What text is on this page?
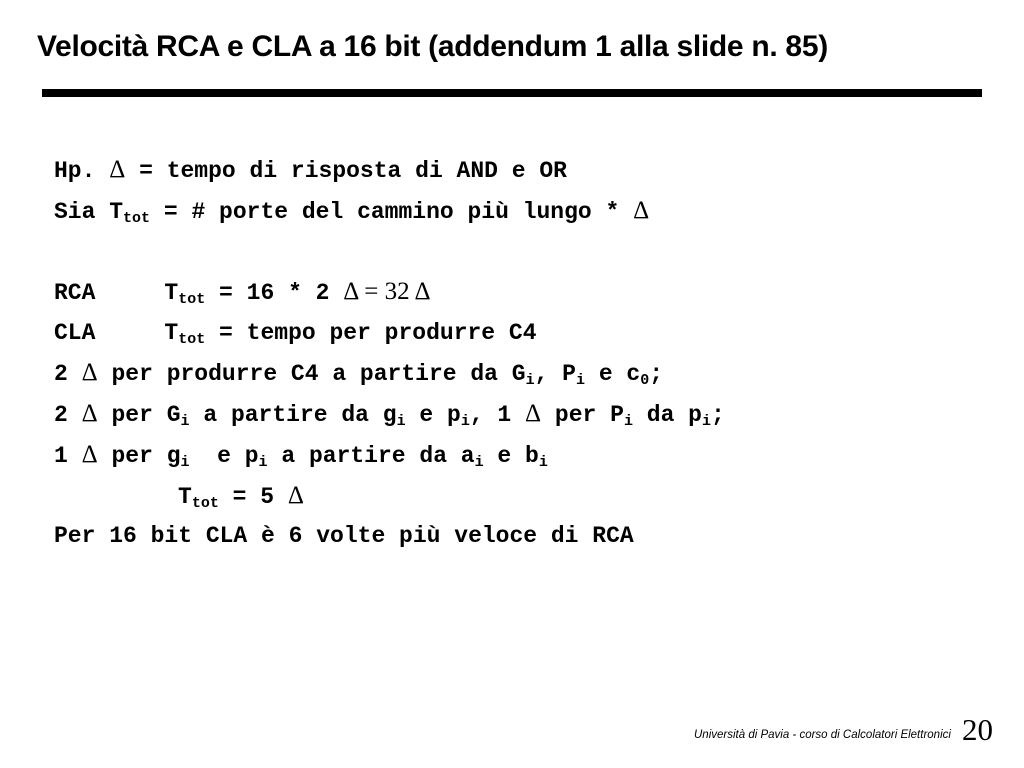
Velocità RCA e CLA a 16 bit (addendum 1 alla slide n. 85)
Hp. Δ = tempo di risposta di AND e OR
Sia $T_{tot}$ = # porte del cammino più lungo * Δ
RCA	$T_{tot} = 16 * 2$ Δ = 32 Δ
CLA	$T_{tot}$ = tempo per produrre C4
2 Δ per produrre C4 a partire da $G_i$, $P_i$ e $c_0$;
2 Δ per $G_i$ a partire da $g_i$ e $p_i$, 1 Δ per $P_i$ da $p_i$;
1 Δ per $g_i$  e $p_i$ a partire da $a_i$ e $b_i$
$T_{tot} = 5$ Δ
Per 16 bit CLA è 6 volte più veloce di RCA
Università di Pavia - corso di Calcolatori Elettronici 20
